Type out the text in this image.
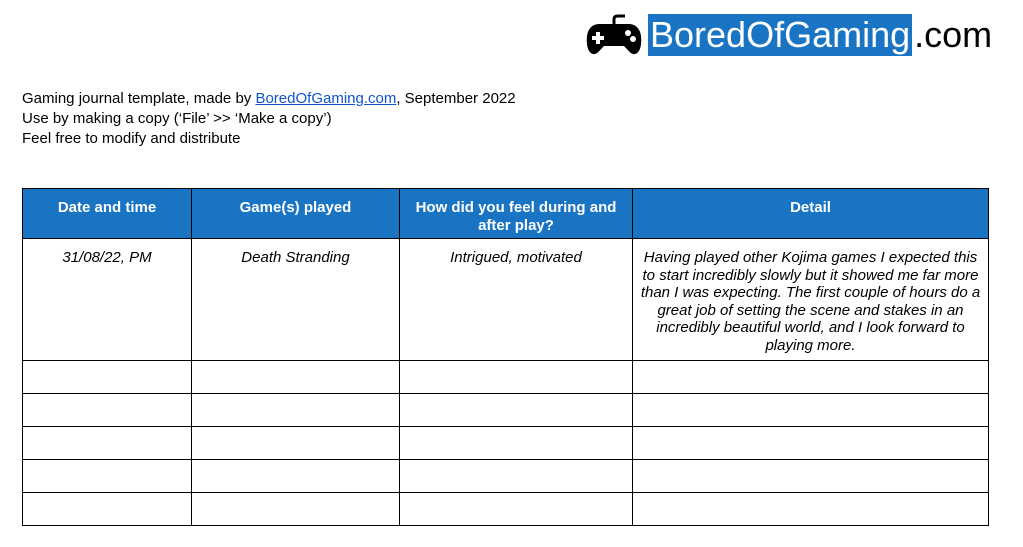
BoredOfGaming .com
Gaming journal template, made by BoredOfGaming.com, September 2022
Use by making a copy (‘File’ >> ‘Make a copy’)
Feel free to modify and distribute
Date and time	Game(s) played	How did you feel during and after play?	Detail
31/08/22, PM	Death Stranding	Intrigued, motivated	Having played other Kojima games I expected this to start incredibly slowly but it showed me far more than I was expecting. The first couple of hours do a great job of setting the scene and stakes in an incredibly beautiful world, and I look forward to playing more.
